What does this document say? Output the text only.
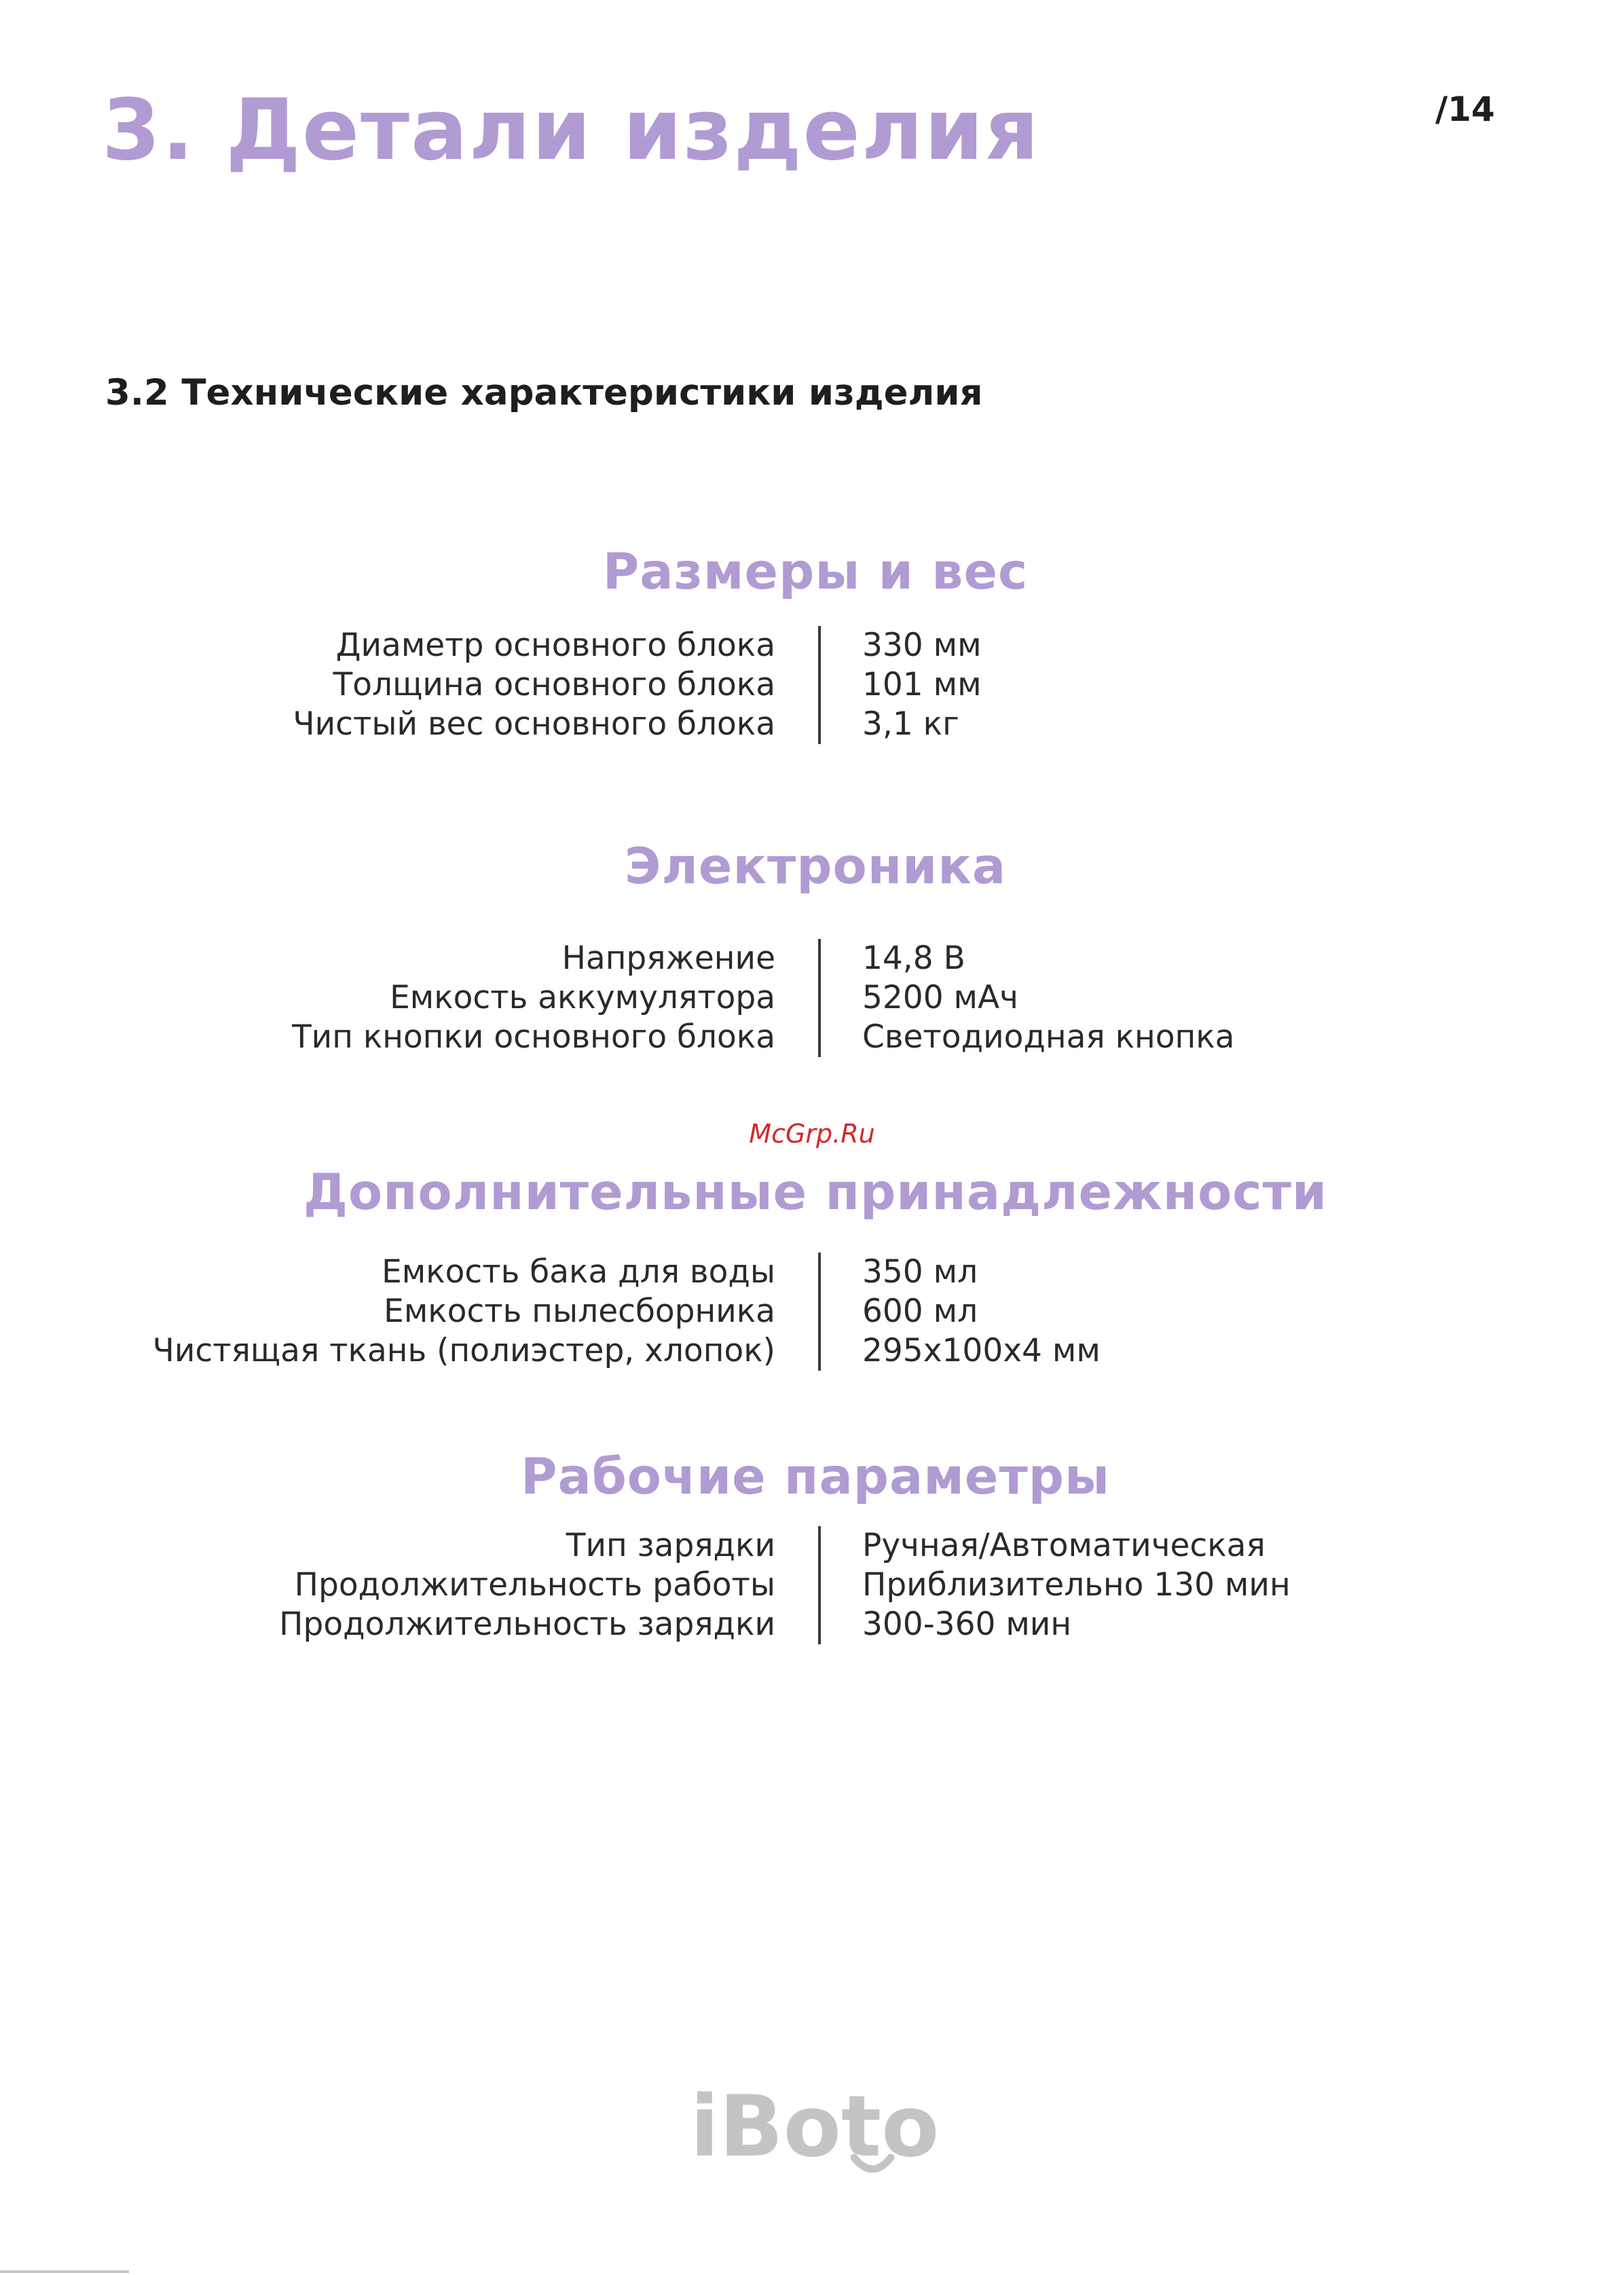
3. Детали изделия	/14
3.2 Технические характеристики изделия
Размеры и вес
Диаметр основного блока	330 мм
Толщина основного блока	101 мм
Чистый вес основного блока	3,1 кг
Электроника
Напряжение	14,8 В
Емкость аккумулятора	5200 мАч
Тип кнопки основного блока	Светодиодная кнопка
McGrp.Ru
Дополнительные принадлежности
Емкость бака для воды	350 мл
Емкость пылесборника	600 мл
Чистящая ткань (полиэстер, хлопок)	295x100x4 мм
Рабочие параметры
Тип зарядки	Ручная/Автоматическая
Продолжительность работы	Приблизительно 130 мин
Продолжительность зарядки	300-360 мин
iBoto
